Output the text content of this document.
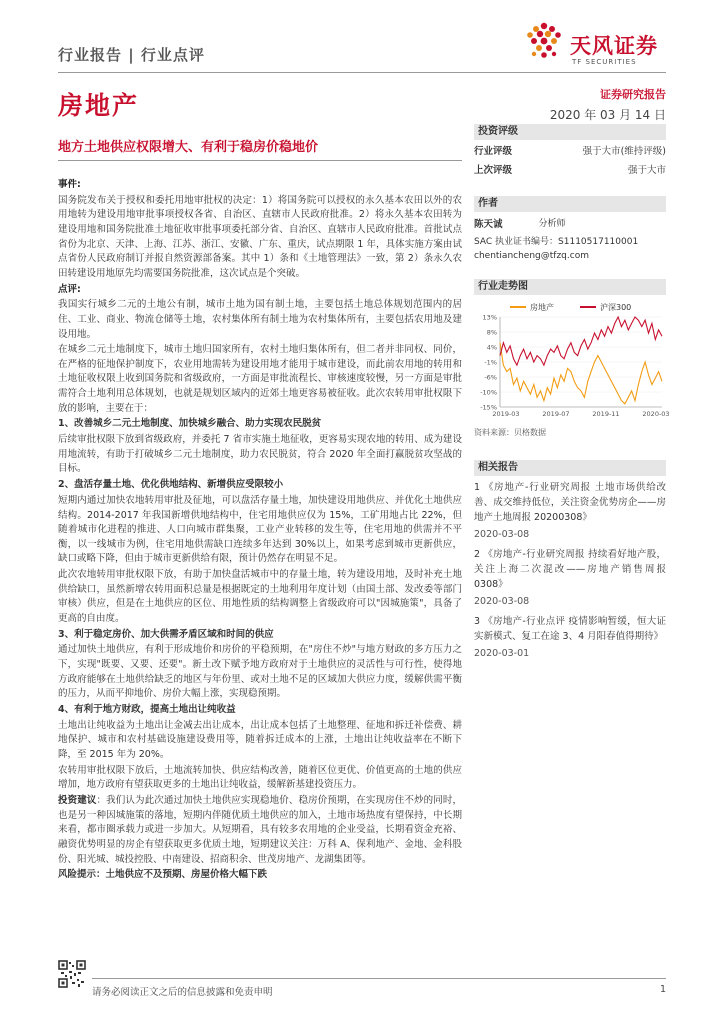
行业报告 | 行业点评	天风证券
TF SECURITIES
房地产	证券研究报告
2020 年 03 月 14 日
地方土地供应权限增大、有利于稳房价稳地价

事件:

国务院发布关于授权和委托用地审批权的决定：1）将国务院可以授权的永久基本农田以外的农用地转为建设用地审批事项授权各省、自治区、直辖市人民政府批准。2）将永久基本农田转为建设用地和国务院批准土地征收审批事项委托部分省、自治区、直辖市人民政府批准。首批试点省份为北京、天津、上海、江苏、浙江、安徽、广东、重庆，试点期限 1 年，具体实施方案由试点省份人民政府制订并报自然资源部备案。其中 1）条和《土地管理法》一致，第 2）条永久农田转建设用地原先均需要国务院批准，这次试点是个突破。

点评:

我国实行城乡二元的土地公有制，城市土地为国有制土地，主要包括土地总体规划范围内的居住、工业、商业、物流仓储等土地，农村集体所有制土地为农村集体所有，主要包括农用地及建设用地。

在城乡二元土地制度下，城市土地归国家所有，农村土地归集体所有，但二者并非同权、同价，在严格的征地保护制度下，农业用地需转为建设用地才能用于城市建设，而此前农用地的转用和土地征收权限上收到国务院和省级政府，一方面是审批流程长、审核速度较慢，另一方面是审批需符合土地利用总体规划，也就是规划区域内的近郊土地更容易被征收。此次农转用审批权限下放的影响，主要在于：

1、改善城乡二元土地制度、加快城乡融合、助力实现农民脱贫

后续审批权限下放到省级政府，并委托 7 省市实施土地征收，更容易实现农地的转用、成为建设用地流转，有助于打破城乡二元土地制度，助力农民脱贫，符合 2020 年全面打赢脱贫攻坚战的目标。

2、盘活存量土地、优化供地结构、新增供应受限较小

短期内通过加快农地转用审批及征地，可以盘活存量土地，加快建设用地供应、并优化土地供应结构。2014-2017 年我国新增供地结构中，住宅用地供应仅为 15%，工矿用地占比 22%，但随着城市化进程的推进、人口向城市群集聚，工业产业转移的发生等，住宅用地的供需并不平衡，以一线城市为例，住宅用地供需缺口连续多年达到 30%以上，如果考虑到城市更新供应，缺口或略下降，但由于城市更新供给有限，预计仍然存在明显不足。

此次农地转用审批权限下放，有助于加快盘活城市中的存量土地，转为建设用地，及时补充土地供给缺口，虽然新增农转用面积总量是根据既定的土地利用年度计划（由国土部、发改委等部门审核）供应，但是在土地供应的区位、用地性质的结构调整上省级政府可以"因城施策"，具备了更高的自由度。

3、利于稳定房价、加大供需矛盾区域和时间的供应

通过加快土地供应，有利于形成地价和房价的平稳预期，在"房住不炒"与地方财政的多方压力之下，实现"既要、又要、还要"。新土改下赋予地方政府对于土地供应的灵活性与可行性，使得地方政府能够在土地供给缺乏的地区与年份里、或对土地不足的区域加大供应力度，缓解供需平衡的压力，从而平抑地价、房价大幅上涨，实现稳预期。

4、有利于地方财政，提高土地出让纯收益

土地出让纯收益为土地出让金减去出让成本，出让成本包括了土地整理、征地和拆迁补偿费、耕地保护、城市和农村基础设施建设费用等，随着拆迁成本的上涨，土地出让纯收益率在不断下降，至 2015 年为 20%。

农转用审批权限下放后，土地流转加快、供应结构改善，随着区位更优、价值更高的土地的供应增加，地方政府有望获取更多的土地出让纯收益，缓解新基建投资压力。

投资建议：我们认为此次通过加快土地供应实现稳地价、稳房价预期，在实现房住不炒的同时，也是另一种因城施策的落地，短期内伴随优质土地供应的加入，土地市场热度有望保持，中长期来看，都市圈承载力或进一步加大。从短期看，具有较多农用地的企业受益，长期看资金充裕、融资优势明显的房企有望获取更多优质土地，短期建议关注：万科 A、保利地产、金地、金科股份、阳光城、城投控股、中南建设、招商积余、世茂房地产、龙湖集团等。

风险提示：土地供应不及预期、房屋价格大幅下跌

投资评级
行业评级	强于大市(维持评级)
上次评级	强于大市
作者
陈天诚	分析师
SAC 执业证书编号：S1110517110001
chentiancheng@tfzq.com
行业走势图
房地产	沪深300
13%
8%
4%
-1%
-6%
-10%
-15%
2019-03	2019-07	2019-11	2020-03
资料来源：贝格数据
相关报告

1 《房地产-行业研究周报 土地市场供给改善、成交维持低位，关注资金优势房企——房地产土地周报 20200308》

2020-03-08

2 《房地产-行业研究周报 持续看好地产股，关注上海二次混改——房地产销售周报 0308》

2020-03-08

3 《房地产-行业点评 疫情影响暂缓，恒大证实新模式、复工在途 3、4 月阳春值得期待》

2020-03-01

请务必阅读正文之后的信息披露和免责申明	1
